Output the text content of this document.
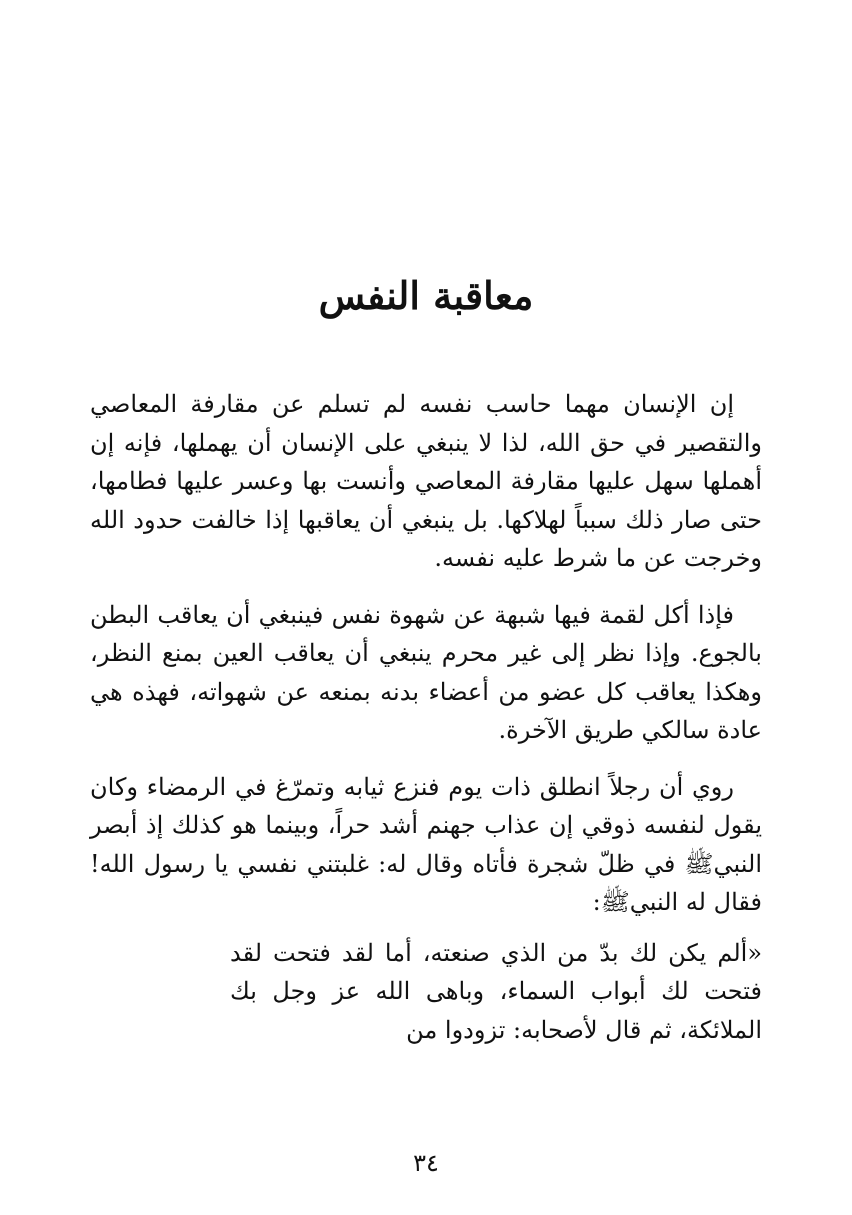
معاقبة النفس

إن الإنسان مهما حاسب نفسه لم تسلم عن مقارفة المعاصي والتقصير في حق الله، لذا لا ينبغي على الإنسان أن يهملها، فإنه إن أهملها سهل عليها مقارفة المعاصي وأنست بها وعسر عليها فطامها، حتى صار ذلك سبباً لهلاكها. بل ينبغي أن يعاقبها إذا خالفت حدود الله وخرجت عن ما شرط عليه نفسه.

فإذا أكل لقمة فيها شبهة عن شهوة نفس فينبغي أن يعاقب البطن بالجوع. وإذا نظر إلى غير محرم ينبغي أن يعاقب العين بمنع النظر، وهكذا يعاقب كل عضو من أعضاء بدنه بمنعه عن شهواته، فهذه هي عادة سالكي طريق الآخرة.

روي أن رجلاً انطلق ذات يوم فنزع ثيابه وتمرّغ في الرمضاء وكان يقول لنفسه ذوقي إن عذاب جهنم أشد حراً، وبينما هو كذلك إذ أبصر النبيﷺ في ظلّ شجرة فأتاه وقال له: غلبتني نفسي يا رسول الله! فقال له النبيﷺ:

«ألم يكن لك بدّ من الذي صنعته، أما لقد فتحت لقد فتحت لك أبواب السماء، وباهى الله عز وجل بك الملائكة، ثم قال لأصحابه: تزودوا من

٣٤
